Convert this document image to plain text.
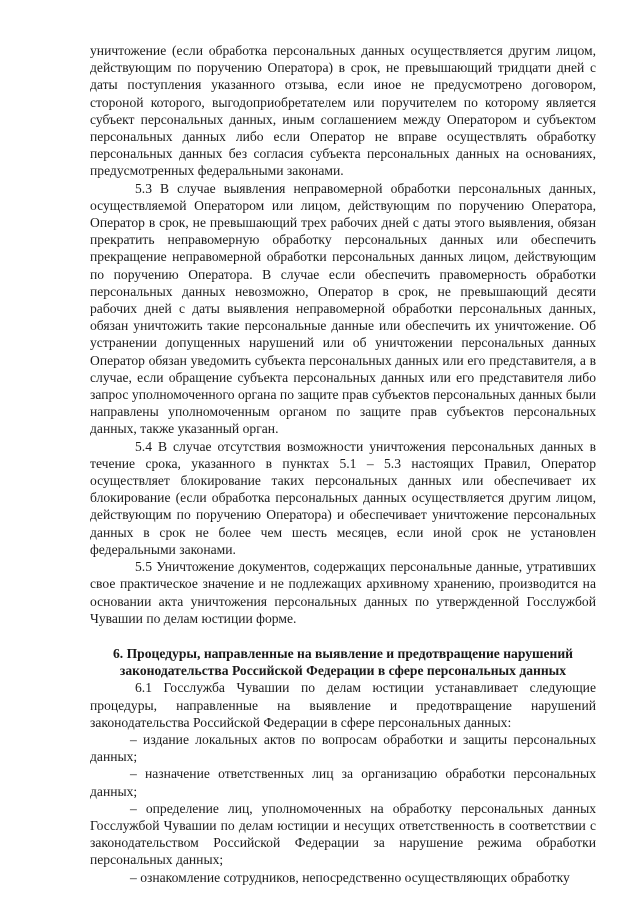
уничтожение (если обработка персональных данных осуществляется другим лицом, действующим по поручению Оператора) в срок, не превышающий тридцати дней с даты поступления указанного отзыва, если иное не предусмотрено договором, стороной которого, выгодоприобретателем или поручителем по которому является субъект персональных данных, иным соглашением между Оператором и субъектом персональных данных либо если Оператор не вправе осуществлять обработку персональных данных без согласия субъекта персональных данных на основаниях, предусмотренных федеральными законами.

5.3 В случае выявления неправомерной обработки персональных данных, осуществляемой Оператором или лицом, действующим по поручению Оператора, Оператор в срок, не превышающий трех рабочих дней с даты этого выявления, обязан прекратить неправомерную обработку персональных данных или обеспечить прекращение неправомерной обработки персональных данных лицом, действующим по поручению Оператора. В случае если обеспечить правомерность обработки персональных данных невозможно, Оператор в срок, не превышающий десяти рабочих дней с даты выявления неправомерной обработки персональных данных, обязан уничтожить такие персональные данные или обеспечить их уничтожение. Об устранении допущенных нарушений или об уничтожении персональных данных Оператор обязан уведомить субъекта персональных данных или его представителя, а в случае, если обращение субъекта персональных данных или его представителя либо запрос уполномоченного органа по защите прав субъектов персональных данных были направлены уполномоченным органом по защите прав субъектов персональных данных, также указанный орган.

5.4 В случае отсутствия возможности уничтожения персональных данных в течение срока, указанного в пунктах 5.1 – 5.3 настоящих Правил, Оператор осуществляет блокирование таких персональных данных или обеспечивает их блокирование (если обработка персональных данных осуществляется другим лицом, действующим по поручению Оператора) и обеспечивает уничтожение персональных данных в срок не более чем шесть месяцев, если иной срок не установлен федеральными законами.

5.5 Уничтожение документов, содержащих персональные данные, утративших свое практическое значение и не подлежащих архивному хранению, производится на основании акта уничтожения персональных данных по утвержденной Госслужбой Чувашии по делам юстиции форме.

6. Процедуры, направленные на выявление и предотвращение нарушений

законодательства Российской Федерации в сфере персональных данных

6.1 Госслужба Чувашии по делам юстиции устанавливает следующие процедуры, направленные на выявление и предотвращение нарушений законодательства Российской Федерации в сфере персональных данных:

– издание локальных актов по вопросам обработки и защиты персональных данных;

– назначение ответственных лиц за организацию обработки персональных данных;

– определение лиц, уполномоченных на обработку персональных данных Госслужбой Чувашии по делам юстиции и несущих ответственность в соответствии с законодательством Российской Федерации за нарушение режима обработки персональных данных;

– ознакомление сотрудников, непосредственно осуществляющих обработку
